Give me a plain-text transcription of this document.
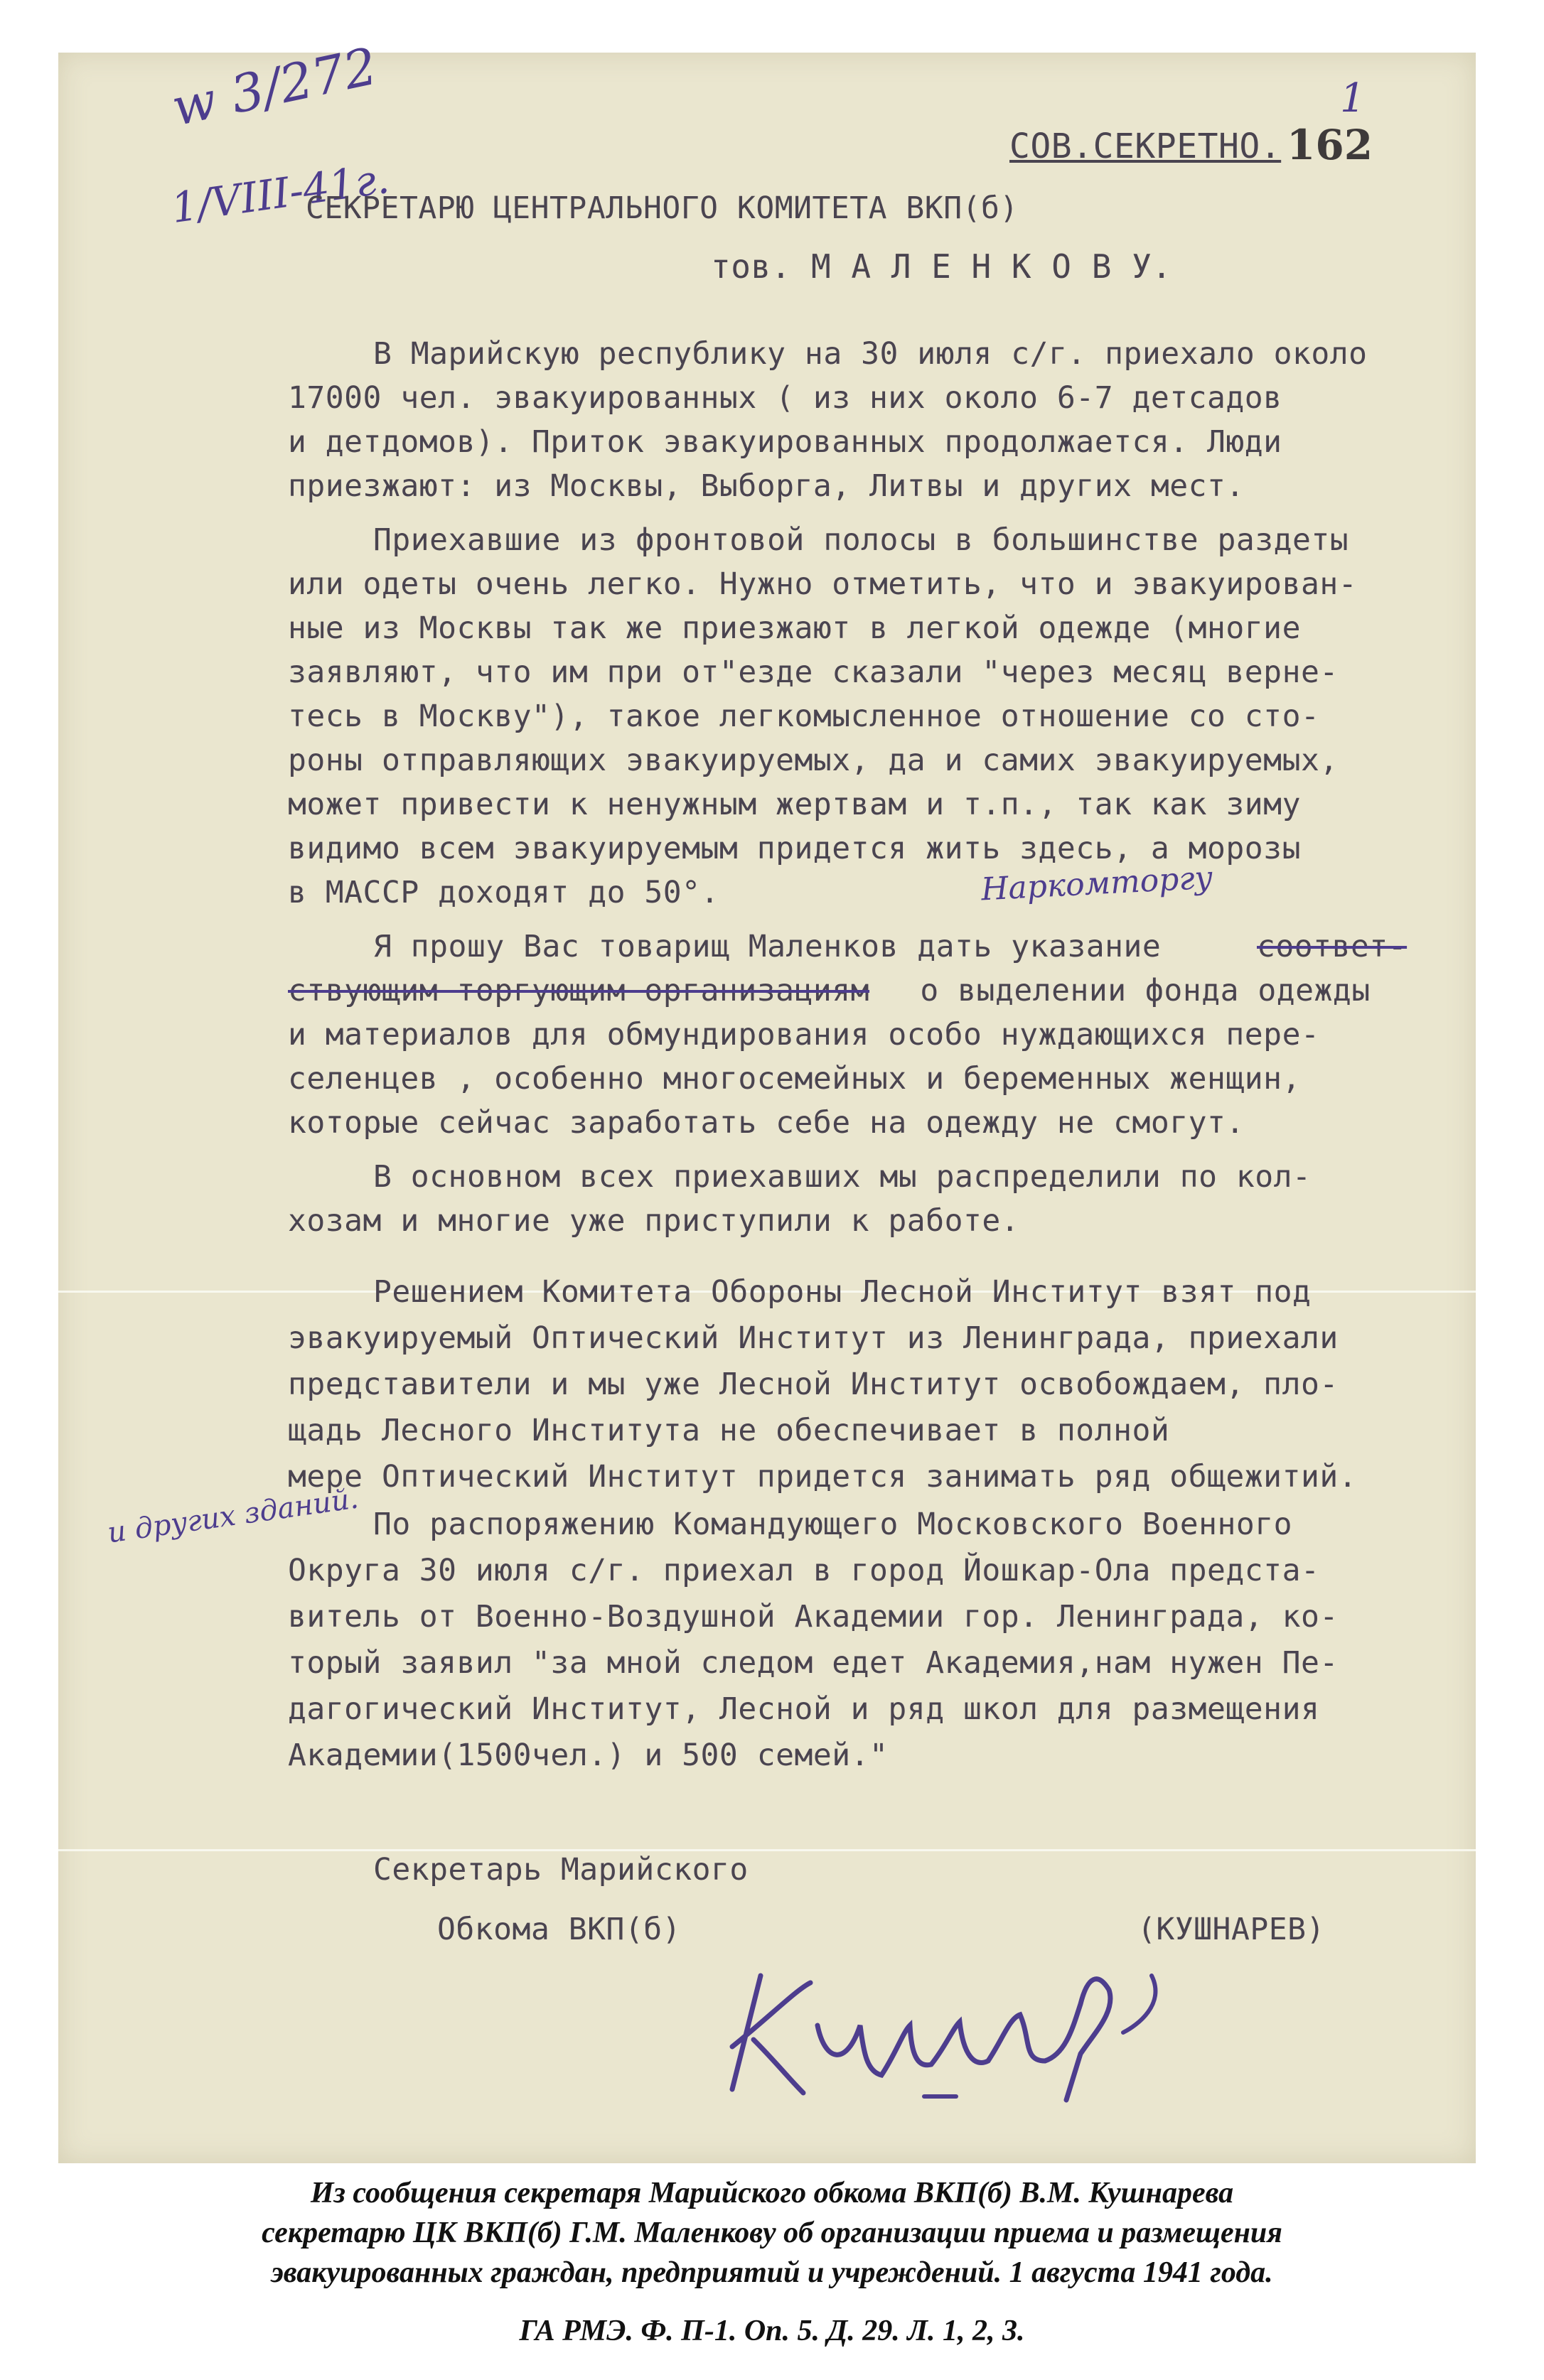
w 3/272
1/VIII-41г.
1
СОВ.СЕКРЕТНО. 162
СЕКРЕТАРЮ ЦЕНТРАЛЬНОГО КОМИТЕТА ВКП(б)
тов. М А Л Е Н К О В У.
В Марийскую республику на 30 июля с/г. приехало около
17000 чел. эвакуированных ( из них около 6-7 детсадов
и детдомов). Приток эвакуированных продолжается. Люди
приезжают: из Москвы, Выборга, Литвы и других мест.
Приехавшие из фронтовой полосы в большинстве раздеты
или одеты очень легко. Нужно отметить, что и эвакуирован-
ные из Москвы так же приезжают в легкой одежде (многие
заявляют, что им при от"езде сказали "через месяц верне-
тесь в Москву"), такое легкомысленное отношение со сто-
роны отправляющих эвакуируемых, да и самих эвакуируемых,
может привести к ненужным жертвам и т.п., так как зиму
видимо всем эвакуируемым придется жить здесь, а морозы
в МАССР доходят до 50°.	Наркомторгу
Я прошу Вас товарищ Маленков дать указание	соответ-
ствующим торгующим организациям о выделении фонда одежды
и материалов для обмундирования особо нуждающихся пере-
селенцев , особенно многосемейных и беременных женщин,
которые сейчас заработать себе на одежду не смогут.
В основном всех приехавших мы распределили по кол-
хозам и многие уже приступили к работе.
Решением Комитета Обороны Лесной Институт взят под
эвакуируемый Оптический Институт из Ленинграда, приехали
представители и мы уже Лесной Институт освобождаем, пло-
щадь Лесного Института не обеспечивает в полной
мере Оптический Институт придется занимать ряд общежитий.
и других зданий. По распоряжению Командующего Московского Военного
Округа 30 июля с/г. приехал в город Йошкар-Ола предста-
витель от Военно-Воздушной Академии гор. Ленинграда, ко-
торый заявил "за мной следом едет Академия,нам нужен Пе-
дагогический Институт, Лесной и ряд школ для размещения
Академии(1500чел.) и 500 семей."
Секретарь Марийского
Обкома ВКП(б)	(КУШНАРЕВ)
Кушнар
Из сообщения секретаря Марийского обкома ВКП(б) В.М. Кушнарева
секретарю ЦК ВКП(б) Г.М. Маленкову об организации приема и размещения
эвакуированных граждан, предприятий и учреждений. 1 августа 1941 года.
ГА РМЭ. Ф. П-1. Оп. 5. Д. 29. Л. 1, 2, 3.
